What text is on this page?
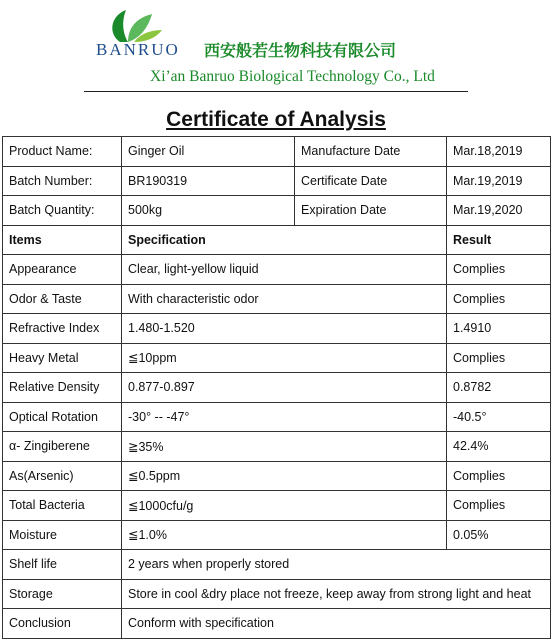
BANRUO 西安般若生物科技有限公司
Xi’an Banruo Biological Technology Co., Ltd
Certificate of Analysis
Product Name:	Ginger Oil	Manufacture Date	Mar.18,2019
Batch Number:	BR190319	Certificate Date	Mar.19,2019
Batch Quantity:	500kg	Expiration Date	Mar.19,2020
Items	Specification		Result
Appearance	Clear, light-yellow liquid		Complies
Odor & Taste	With characteristic odor		Complies
Refractive Index	1.480-1.520		1.4910
Heavy Metal	≦10ppm		Complies
Relative Density	0.877-0.897		0.8782
Optical Rotation	-30° -- -47°		-40.5°
α- Zingiberene	≧35%		42.4%
As(Arsenic)	≦0.5ppm		Complies
Total Bacteria	≦1000cfu/g		Complies
Moisture	≦1.0%		0.05%
Shelf life	2 years when properly stored		
Storage	Store in cool &dry place not freeze, keep away from strong light and heat		
Conclusion	Conform with specification		
